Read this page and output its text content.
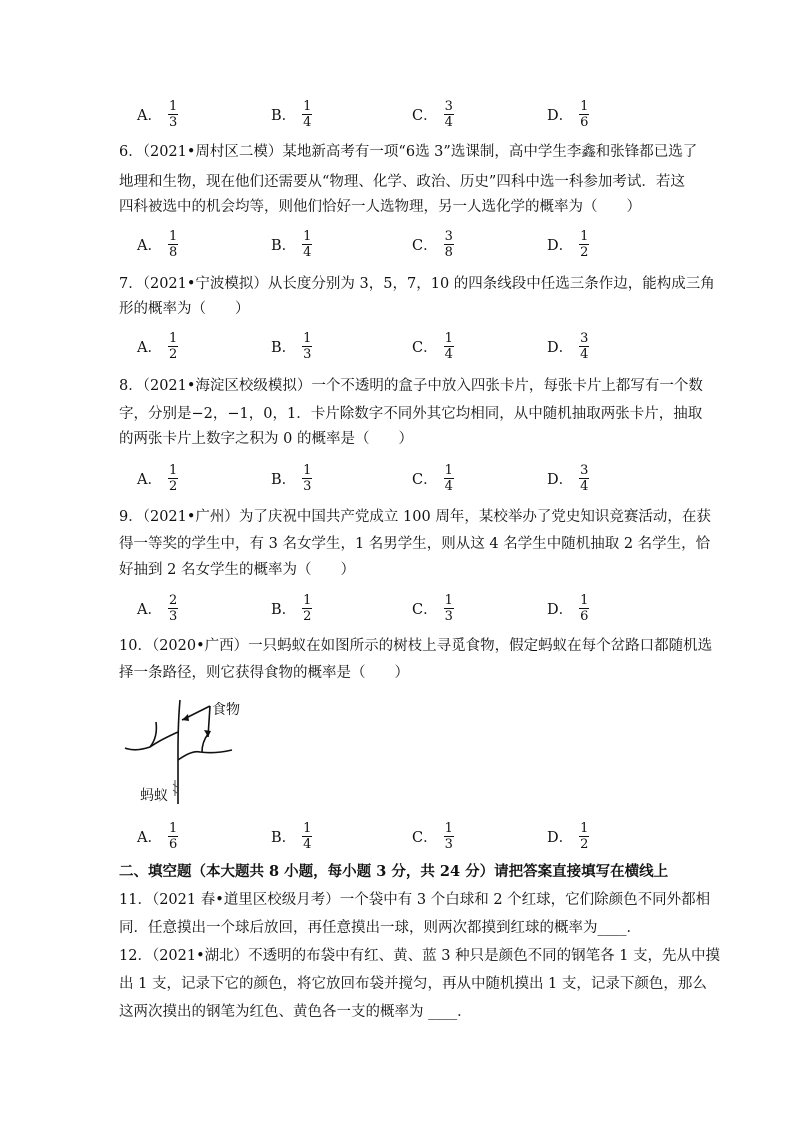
A． $\frac{1}{3}$	B． $\frac{1}{4}$	C． $\frac{3}{4}$	D． $\frac{1}{6}$
6．（2021•周村区二模）某地新高考有一项“6选 3”选课制，高中学生李鑫和张锋都已选了
地理和生物，现在他们还需要从“物理、化学、政治、历史”四科中选一科参加考试．若这
四科被选中的机会均等，则他们恰好一人选物理，另一人选化学的概率为（　　）
A． $\frac{1}{8}$	B． $\frac{1}{4}$	C． $\frac{3}{8}$	D． $\frac{1}{2}$
7．（2021•宁波模拟）从长度分别为 3，5，7，10 的四条线段中任选三条作边，能构成三角
形的概率为（　　）
A． $\frac{1}{2}$	B． $\frac{1}{3}$	C． $\frac{1}{4}$	D． $\frac{3}{4}$
8．（2021•海淀区校级模拟）一个不透明的盒子中放入四张卡片，每张卡片上都写有一个数
字，分别是−2，−1，0，1．卡片除数字不同外其它均相同，从中随机抽取两张卡片，抽取
的两张卡片上数字之积为 0 的概率是（　　）
A． $\frac{1}{2}$	B． $\frac{1}{3}$	C． $\frac{1}{4}$	D． $\frac{3}{4}$
9．（2021•广州）为了庆祝中国共产党成立 100 周年，某校举办了党史知识竞赛活动，在获
得一等奖的学生中，有 3 名女学生，1 名男学生，则从这 4 名学生中随机抽取 2 名学生，恰
好抽到 2 名女学生的概率为（　　）
A． $\frac{2}{3}$	B． $\frac{1}{2}$	C． $\frac{1}{3}$	D． $\frac{1}{6}$
10．（2020•广西）一只蚂蚁在如图所示的树枝上寻觅食物，假定蚂蚁在每个岔路口都随机选
择一条路径，则它获得食物的概率是（　　）
食物
蚂蚁
A． $\frac{1}{6}$	B． $\frac{1}{4}$	C． $\frac{1}{3}$	D． $\frac{1}{2}$
二、填空题（本大题共 8 小题，每小题 3 分，共 24 分）请把答案直接填写在横线上
11．（2021 春•道里区校级月考）一个袋中有 3 个白球和 2 个红球，它们除颜色不同外都相
同．任意摸出一个球后放回，再任意摸出一球，则两次都摸到红球的概率为____．
12．（2021•湖北）不透明的布袋中有红、黄、蓝 3 种只是颜色不同的钢笔各 1 支，先从中摸
出 1 支，记录下它的颜色，将它放回布袋并搅匀，再从中随机摸出 1 支，记录下颜色，那么
这两次摸出的钢笔为红色、黄色各一支的概率为 ____．
